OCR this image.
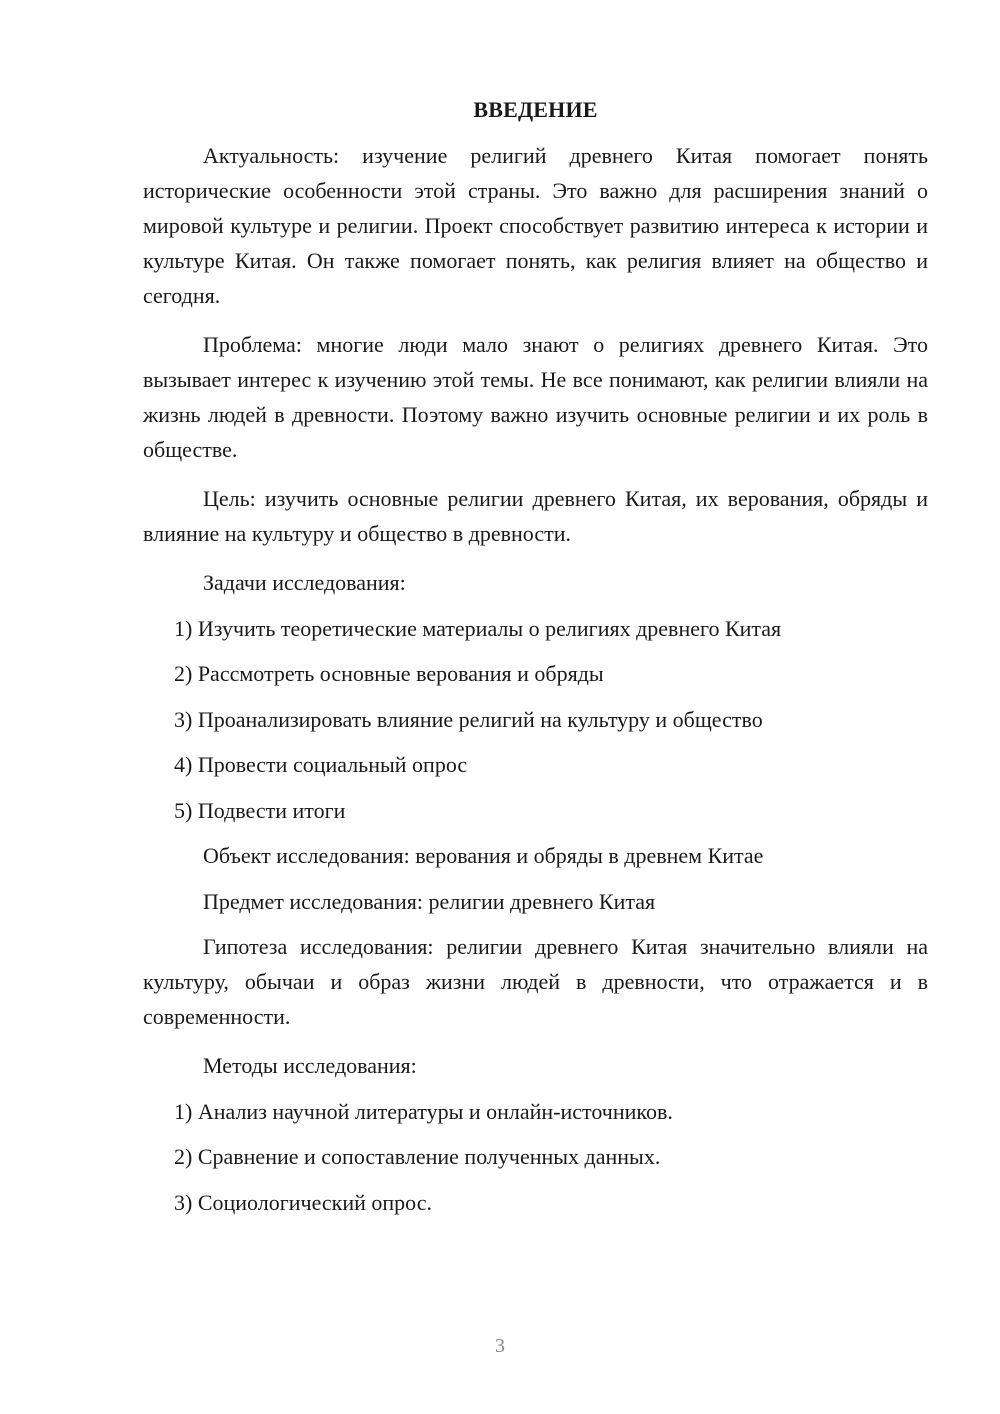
ВВЕДЕНИЕ
Актуальность: изучение религий древнего Китая помогает понять исторические особенности этой страны. Это важно для расширения знаний о мировой культуре и религии. Проект способствует развитию интереса к истории и культуре Китая. Он также помогает понять, как религия влияет на общество и сегодня.
Проблема: многие люди мало знают о религиях древнего Китая. Это вызывает интерес к изучению этой темы. Не все понимают, как религии влияли на жизнь людей в древности. Поэтому важно изучить основные религии и их роль в обществе.
Цель: изучить основные религии древнего Китая, их верования, обряды и влияние на культуру и общество в древности.
Задачи исследования:
1) Изучить теоретические материалы о религиях древнего Китая
2) Рассмотреть основные верования и обряды
3) Проанализировать влияние религий на культуру и общество
4) Провести социальный опрос
5) Подвести итоги
Объект исследования: верования и обряды в древнем Китае
Предмет исследования: религии древнего Китая
Гипотеза исследования: религии древнего Китая значительно влияли на культуру, обычаи и образ жизни людей в древности, что отражается и в современности.
Методы исследования:
1) Анализ научной литературы и онлайн-источников.
2) Сравнение и сопоставление полученных данных.
3) Социологический опрос.
3
